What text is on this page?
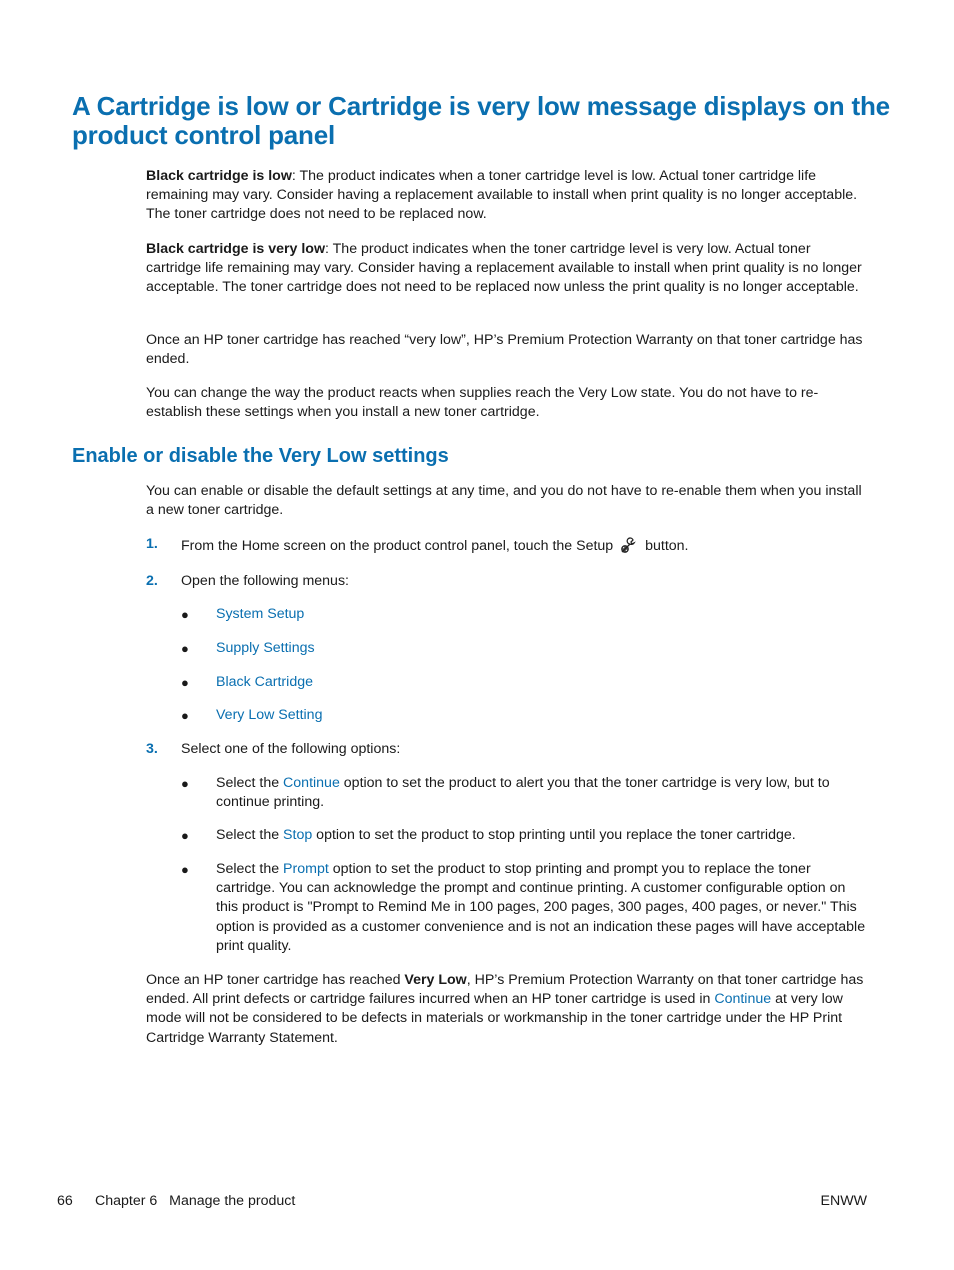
A Cartridge is low or Cartridge is very low message displays on the product control panel

Black cartridge is low: The product indicates when a toner cartridge level is low. Actual toner cartridge life remaining may vary. Consider having a replacement available to install when print quality is no longer acceptable. The toner cartridge does not need to be replaced now.

Black cartridge is very low: The product indicates when the toner cartridge level is very low. Actual toner cartridge life remaining may vary. Consider having a replacement available to install when print quality is no longer acceptable. The toner cartridge does not need to be replaced now unless the print quality is no longer acceptable.

Once an HP toner cartridge has reached “very low”, HP’s Premium Protection Warranty on that toner cartridge has ended.

You can change the way the product reacts when supplies reach the Very Low state. You do not have to re-establish these settings when you install a new toner cartridge.

Enable or disable the Very Low settings

You can enable or disable the default settings at any time, and you do not have to re-enable them when you install a new toner cartridge.

1. From the Home screen on the product control panel, touch the Setup button.

2. Open the following menus:

● System Setup
● Supply Settings
● Black Cartridge
● Very Low Setting
3. Select one of the following options:

● Select the Continue option to set the product to alert you that the toner cartridge is very low, but to continue printing.

● Select the Stop option to set the product to stop printing until you replace the toner cartridge.

● Select the Prompt option to set the product to stop printing and prompt you to replace the toner cartridge. You can acknowledge the prompt and continue printing. A customer configurable option on this product is "Prompt to Remind Me in 100 pages, 200 pages, 300 pages, 400 pages, or never." This option is provided as a customer convenience and is not an indication these pages will have acceptable print quality.

Once an HP toner cartridge has reached Very Low, HP’s Premium Protection Warranty on that toner cartridge has ended. All print defects or cartridge failures incurred when an HP toner cartridge is used in Continue at very low mode will not be considered to be defects in materials or workmanship in the toner cartridge under the HP Print Cartridge Warranty Statement.

66 Chapter 6   Manage the product	ENWW
